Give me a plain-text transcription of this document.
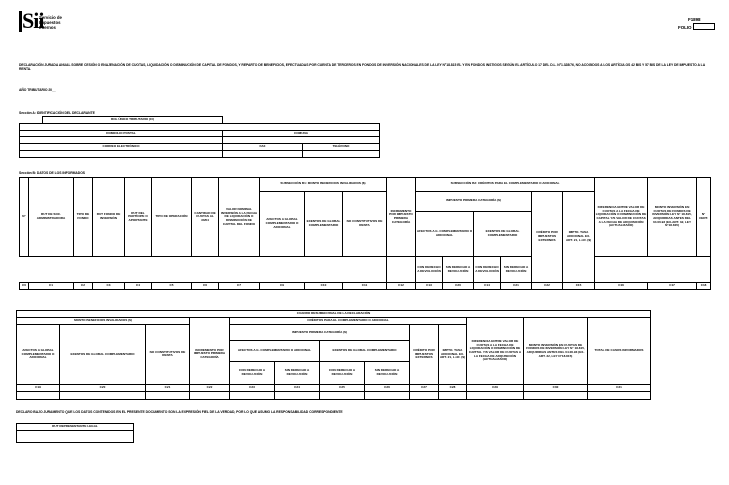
Sii
Servicio de
Impuestos
Internos
F1898
FOLIO
DECLARACIÓN JURADA ANUAL SOBRE CESIÓN O ENAJENACIÓN DE CUOTAS, LIQUIDACIÓN O DISMINUCIÓN DE CAPITAL DE FONDOS, Y REPARTO DE BENEFICIOS, EFECTUADAS POR CUENTA DE TERCEROS EN FONDOS DE INVERSIÓN NACIONALES DE LA LEY N°18.815 EL Y EN FONDOS INSTIGOS SEGÚN EL ARTÍCULO 17 DEL D.L. N°1.328/76, NO ACOGIDOS A LOS ARTÍCULOS 42 BIS Y 57 BIS DE LA LEY DE IMPUESTO A LA RENTA.
AÑO TRIBUTARIO 20__
Sección A: IDENTIFICACIÓN DEL DECLARANTE
	ROL ÚNICO TRIBUTARIO (Cl)		

DOMICILIO POSTAL		COMUNA	

CORREO ELECTRÓNICO		FAX	TELÉFONO

Sección B: DATOS DE LOS INFORMADOS
N°	RUT DE SOC. ADMINISTRADORA	TIPO DE FONDO	RUT FONDO DE INVERSIÓN	RUT DEL PARTÍCIPE O APORTANTE	TIPO DE OPERACIÓN	CANTIDAD DE CUOTAS AL 30/04	VALOR NOMINAL INVERSIÓN A LA FECHA DE LIQUIDACIÓN O DISMINUCIÓN DE CAPITAL DEL FONDO	SUBSECCIÓN B1: MONTO BENEFICIOS INVALIDADOS ($)			INCREMENTO POR IMPUESTO PRIMERA CATEGORÍA	SUBSECCIÓN B2: CRÉDITOS PARA EL COMPLEMENTARIO O ADICIONAL						DIFERENCIA ENTRE VALOR DE CUOTAS A LA FECHA DE LIQUIDACIÓN O DISMINUCIÓN DE CAPITAL Y/S VALOR DE CUOTAS A LA FECHA DE ADQUISICIÓN (ACTUALIZADO)	MONTO INVERSIÓN EN CUOTAS DE FONDOS DE INVERSIÓN LEY N° 18.815, ADQUIRIDAS ANTES DEL 04.06.93 (EX-ART. 32, LEY N°18.815)	N° CERT.
								AFECTOS A GLOBAL COMPLEMENTARIO O ADICIONAL	EXENTOS DE GLOBAL COMPLEMENTARIO	NO CONSTITUTIVOS DE RENTA		IMPUESTO PRIMERA CATEGORÍA ($)				CRÉDITO POR IMPUESTOS EXTERNOS	IMPTO. TASA ADICIONAL EX. ART. 21, L.I.R. ($)			
												AFECTOS A G. COMPLEMENTARIO O ADICIONAL		EXENTOS DE GLOBAL COMPLEMENTARIO						
												CON DERECHO A DEVOLUCIÓN	SIN DERECHO A DEVOLUCIÓN	CON DERECHO A DEVOLUCIÓN	SIN DERECHO A DEVOLUCIÓN					
C0	C1	C2	C3	C4	C5	C6	C7	C9	C10	C11	C12	C13	C20	C14	C21	C22	C15	C16	C17	C18
CUADRO RESUMEN FINAL DE LA DECLARACIÓN												
MONTO BENEFICIOS INVALIDADOS ($)				CRÉDITOS PARA EL COMPLEMENTARIO O ADICIONAL						DIFERENCIA ENTRE VALOR DE CUOTAS A LA FECHA DE LIQUIDACIÓN O DISMINUCIÓN DE CAPITAL Y/S VALOR DE CUOTAS A LA FECHA DE ADQUISICIÓN (ACTUALIZADO)	MONTO INVERSIÓN EN CUOTAS DE FONDOS DE INVERSIÓN LEY N° 18.815, ADQUIRIDAS ANTES DEL 04.06.93 (EX-ART. 32, LEY N°18.815)	TOTAL DE CASOS INFORMADOS
AFECTOS A GLOBAL COMPLEMENTARIO O ADICIONAL	EXENTOS DE GLOBAL COMPLEMENTARIO	NO CONSTITUTIVOS DE RENTA	INCREMENTO POR IMPUESTO PRIMERA CATEGORÍA	IMPUESTO PRIMERA CATEGORÍA ($)				CRÉDITO POR IMPUESTOS EXTERNOS	IMPTO. TASA ADICIONAL EX. ART. 21, L.I.R. ($)			
				AFECTOS A G. COMPLEMENTARIO O ADICIONAL		EXENTOS DE GLOBAL COMPLEMENTARIO						
				CON DERECHO A DEVOLUCIÓN	SIN DERECHO A DEVOLUCIÓN	CON DERECHO A DEVOLUCIÓN	SIN DERECHO A DEVOLUCIÓN					
C19	C20	C21	C22	C23	C24	C25	C26	C27	C28	C29	C30	C31

DECLARO BAJO JURAMENTO QUE LOS DATOS CONTENIDOS EN EL PRESENTE DOCUMENTO SON LA EXPRESIÓN FIEL DE LA VERDAD, POR LO QUE ASUMO LA RESPONSABILIDAD CORRESPONDIENTE
RUT REPRESENTANTE LEGAL
